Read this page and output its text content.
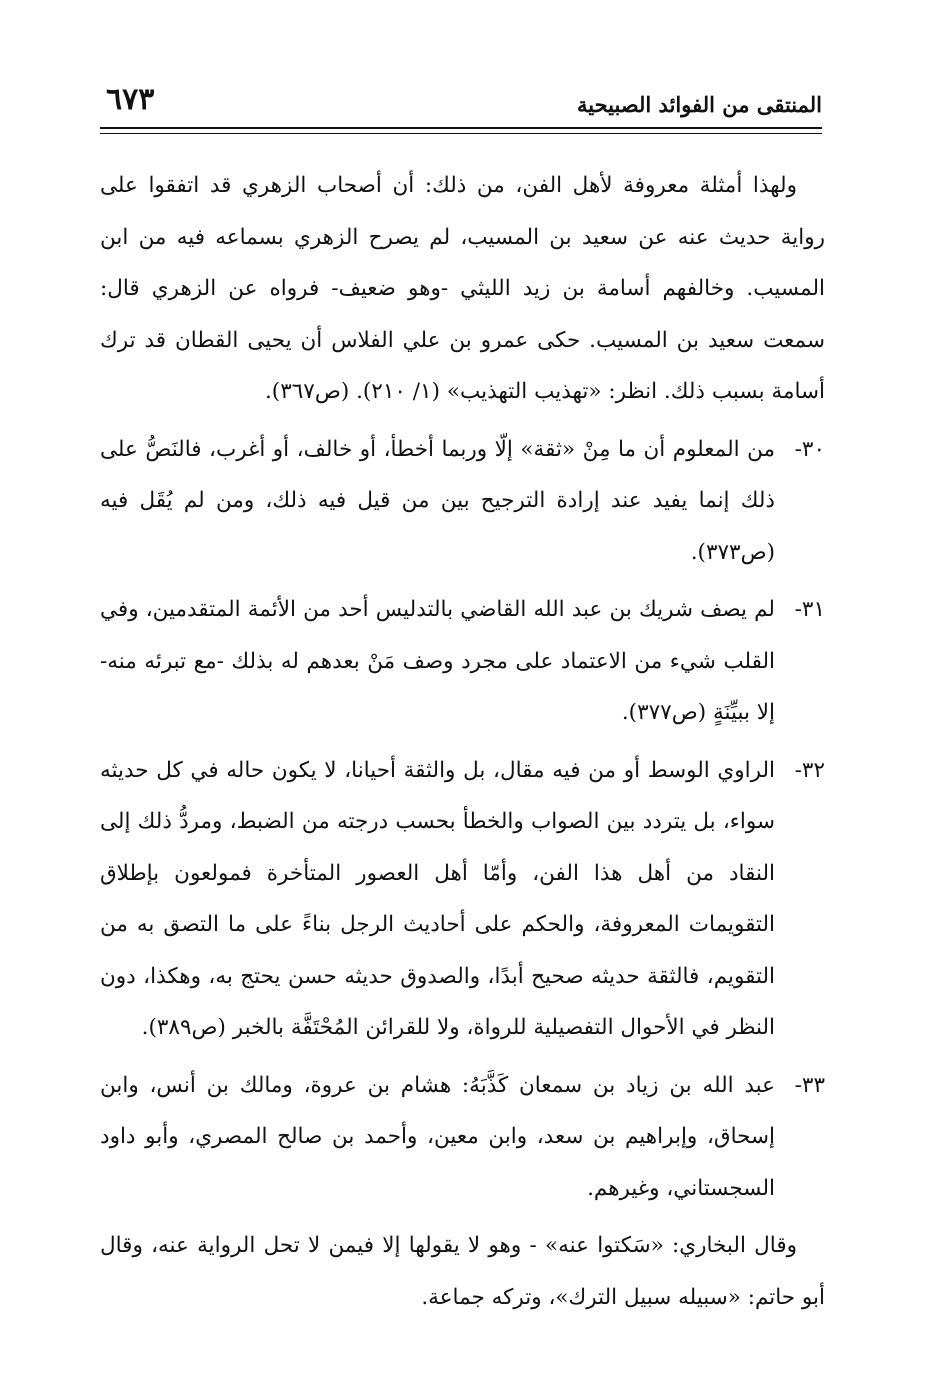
المنتقى من الفوائد الصبيحية
٦٧٣

ولهذا أمثلة معروفة لأهل الفن، من ذلك: أن أصحاب الزهري قد اتفقوا على رواية حديث عنه عن سعيد بن المسيب، لم يصرح الزهري بسماعه فيه من ابن المسيب. وخالفهم أسامة بن زيد الليثي -وهو ضعيف- فرواه عن الزهري قال: سمعت سعيد بن المسيب. حكى عمرو بن علي الفلاس أن يحيى القطان قد ترك أسامة بسبب ذلك. انظر: «تهذيب التهذيب» (١/ ٢١٠). (ص٣٦٧).

٣٠-
من المعلوم أن ما مِنْ «ثقة» إلّا وربما أخطأ، أو خالف، أو أغرب، فالنَصُّ على ذلك إنما يفيد عند إرادة الترجيح بين من قيل فيه ذلك، ومن لم يُقَل فيه (ص٣٧٣).
٣١-
لم يصف شريك بن عبد الله القاضي بالتدليس أحد من الأئمة المتقدمين، وفي القلب شيء من الاعتماد على مجرد وصف مَنْ بعدهم له بذلك -مع تبرئه منه- إلا ببيِّنَةٍ (ص٣٧٧).
٣٢-
الراوي الوسط أو من فيه مقال، بل والثقة أحيانا، لا يكون حاله في كل حديثه سواء، بل يتردد بين الصواب والخطأ بحسب درجته من الضبط، ومردُّ ذلك إلى النقاد من أهل هذا الفن، وأمّا أهل العصور المتأخرة فمولعون بإطلاق التقويمات المعروفة، والحكم على أحاديث الرجل بناءً على ما التصق به من التقويم، فالثقة حديثه صحيح أبدًا، والصدوق حديثه حسن يحتج به، وهكذا، دون النظر في الأحوال التفصيلية للرواة، ولا للقرائن المُحْتَفَّة بالخبر (ص٣٨٩).
٣٣-
عبد الله بن زياد بن سمعان كَذَّبَهُ: هشام بن عروة، ومالك بن أنس، وابن إسحاق، وإبراهيم بن سعد، وابن معين، وأحمد بن صالح المصري، وأبو داود السجستاني، وغيرهم.

وقال البخاري: «سَكتوا عنه» - وهو لا يقولها إلا فيمن لا تحل الرواية عنه، وقال أبو حاتم: «سبيله سبيل الترك»، وتركه جماعة.
